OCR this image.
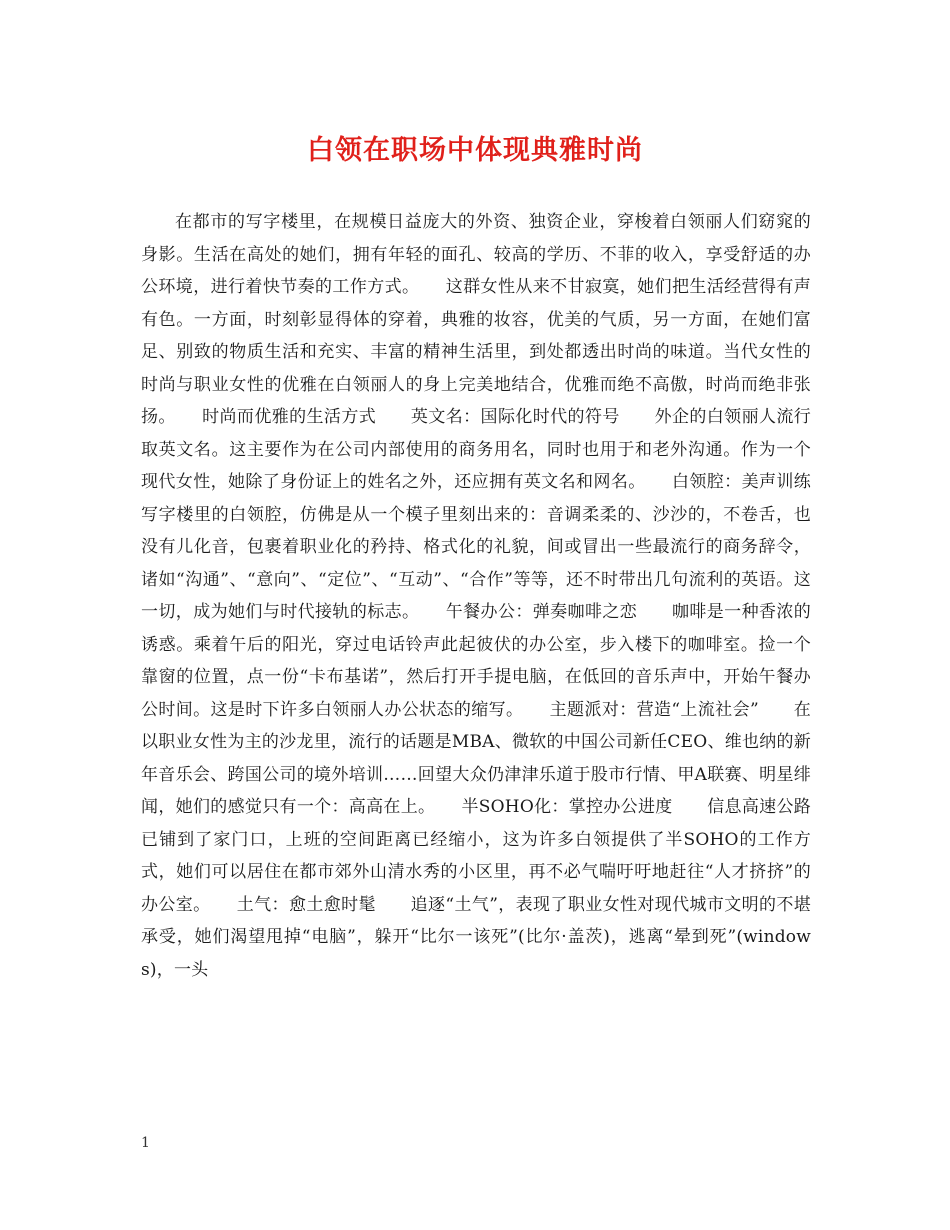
白领在职场中体现典雅时尚

在都市的写字楼里，在规模日益庞大的外资、独资企业，穿梭着白领丽人们窈窕的身影。生活在高处的她们，拥有年轻的面孔、较高的学历、不菲的收入，享受舒适的办公环境，进行着快节奏的工作方式。　　这群女性从来不甘寂寞，她们把生活经营得有声有色。一方面，时刻彰显得体的穿着，典雅的妆容，优美的气质，另一方面，在她们富足、别致的物质生活和充实、丰富的精神生活里，到处都透出时尚的味道。当代女性的时尚与职业女性的优雅在白领丽人的身上完美地结合，优雅而绝不高傲，时尚而绝非张扬。　　时尚而优雅的生活方式　　英文名：国际化时代的符号　　外企的白领丽人流行取英文名。这主要作为在公司内部使用的商务用名，同时也用于和老外沟通。作为一个现代女性，她除了身份证上的姓名之外，还应拥有英文名和网名。　　白领腔：美声训练　　写字楼里的白领腔，仿佛是从一个模子里刻出来的：音调柔柔的、沙沙的，不卷舌，也没有儿化音，包裹着职业化的矜持、格式化的礼貌，间或冒出一些最流行的商务辞令，诸如“沟通”、“意向”、“定位”、“互动”、“合作”等等，还不时带出几句流利的英语。这一切，成为她们与时代接轨的标志。　　午餐办公：弹奏咖啡之恋　　咖啡是一种香浓的诱惑。乘着午后的阳光，穿过电话铃声此起彼伏的办公室，步入楼下的咖啡室。捡一个靠窗的位置，点一份“卡布基诺”，然后打开手提电脑，在低回的音乐声中，开始午餐办公时间。这是时下许多白领丽人办公状态的缩写。　　主题派对：营造“上流社会”　　在以职业女性为主的沙龙里，流行的话题是MBA、微软的中国公司新任CEO、维也纳的新年音乐会、跨国公司的境外培训……回望大众仍津津乐道于股市行情、甲A联赛、明星绯闻，她们的感觉只有一个：高高在上。　　半SOHO化：掌控办公进度　　信息高速公路已铺到了家门口，上班的空间距离已经缩小，这为许多白领提供了半SOHO的工作方式，她们可以居住在都市郊外山清水秀的小区里，再不必气喘吁吁地赶往“人才挤挤”的办公室。　　土气：愈土愈时髦　　追逐“土气”，表现了职业女性对现代城市文明的不堪承受，她们渴望甩掉“电脑”，躲开“比尔一该死”(比尔·盖茨)，逃离“晕到死”(windows)，一头

1
